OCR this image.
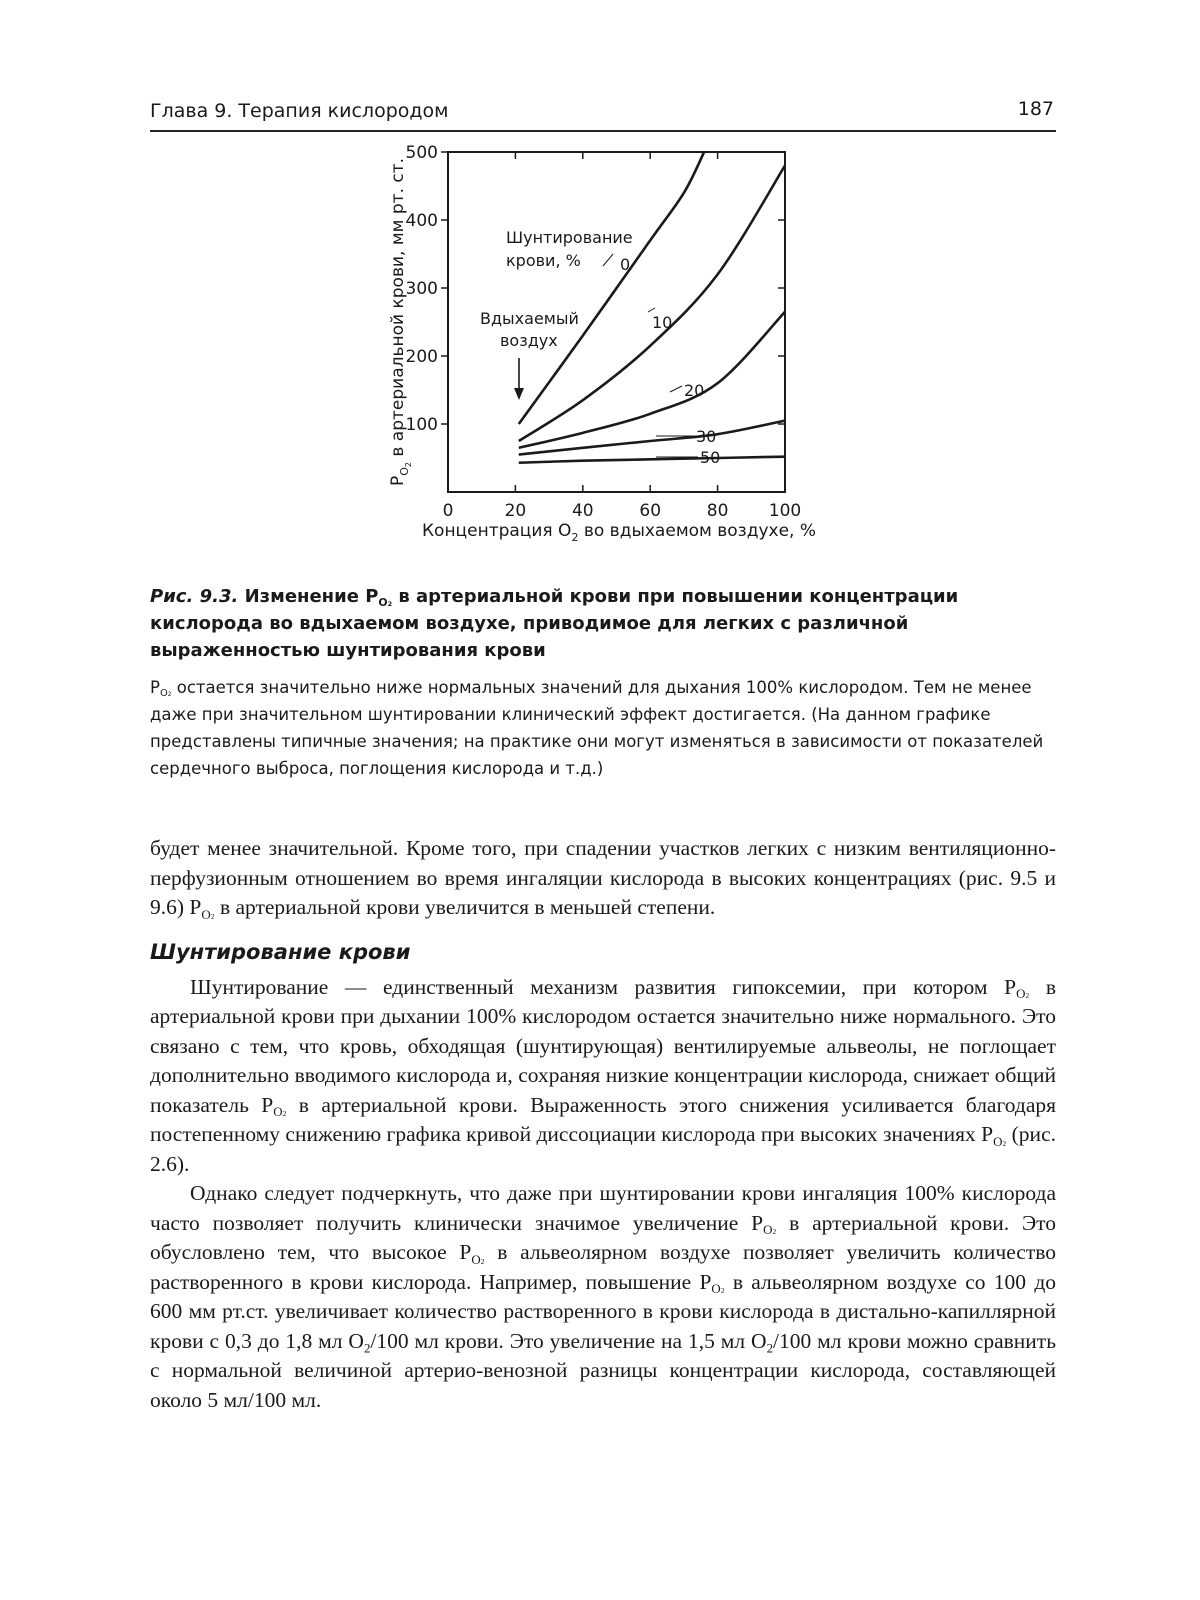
Глава 9. Терапия кислородом	187
0	20	40	60	80 100
100
200
300
400
500
0
10
20
30
50
Шунтирование
крови, %
Вдыхаемый
воздух
Концентрация $O_2$ во вдыхаемом воздухе, %
$P_O2$ в артериальной крови, мм рт. ст.

Рис. 9.3. Изменение $P_{O2}$ в артериальной крови при повышении концентрации кислорода во вдыхаемом воздухе, приводимое для легких с различной выраженностью шунтирования крови

$P_{O2}$ остается значительно ниже нормальных значений для дыхания 100% кислородом. Тем не менее даже при значительном шунтировании клинический эффект достигается. (На данном графике представлены типичные значения; на практике они могут изменяться в зависимости от показателей сердечного выброса, поглощения кислорода и т.д.)

будет менее значительной. Кроме того, при спадении участков легких с низким вентиляционно-перфузионным отношением во время ингаляции кислорода в высоких концентрациях (рис. 9.5 и 9.6) $P_{O2}$ в артериальной крови увеличится в меньшей степени.

Шунтирование крови

Шунтирование — единственный механизм развития гипоксемии, при котором $P_{O2}$ в артериальной крови при дыхании 100% кислородом остается значительно ниже нормального. Это связано с тем, что кровь, обходящая (шунтирующая) вентилируемые альвеолы, не поглощает дополнительно вводимого кислорода и, сохраняя низкие концентрации кислорода, снижает общий показатель $P_{O2}$ в артериальной крови. Выраженность этого снижения усиливается благодаря постепенному снижению графика кривой диссоциации кислорода при высоких значениях $P_{O2}$ (рис. 2.6).

Однако следует подчеркнуть, что даже при шунтировании крови ингаляция 100% кислорода часто позволяет получить клинически значимое увеличение $P_{O2}$ в артериальной крови. Это обусловлено тем, что высокое $P_{O2}$ в альвеолярном воздухе позволяет увеличить количество растворенного в крови кислорода. Например, повышение $P_{O2}$ в альвеолярном воздухе со 100 до 600 мм рт.ст. увеличивает количество растворенного в крови кислорода в дистально-капиллярной крови с 0,3 до 1,8 мл $O_2/100$ мл крови. Это увеличение на 1,5 мл $O_2/100$ мл крови можно сравнить с нормальной величиной артерио-венозной разницы концентрации кислорода, составляющей около 5 мл/100 мл.
